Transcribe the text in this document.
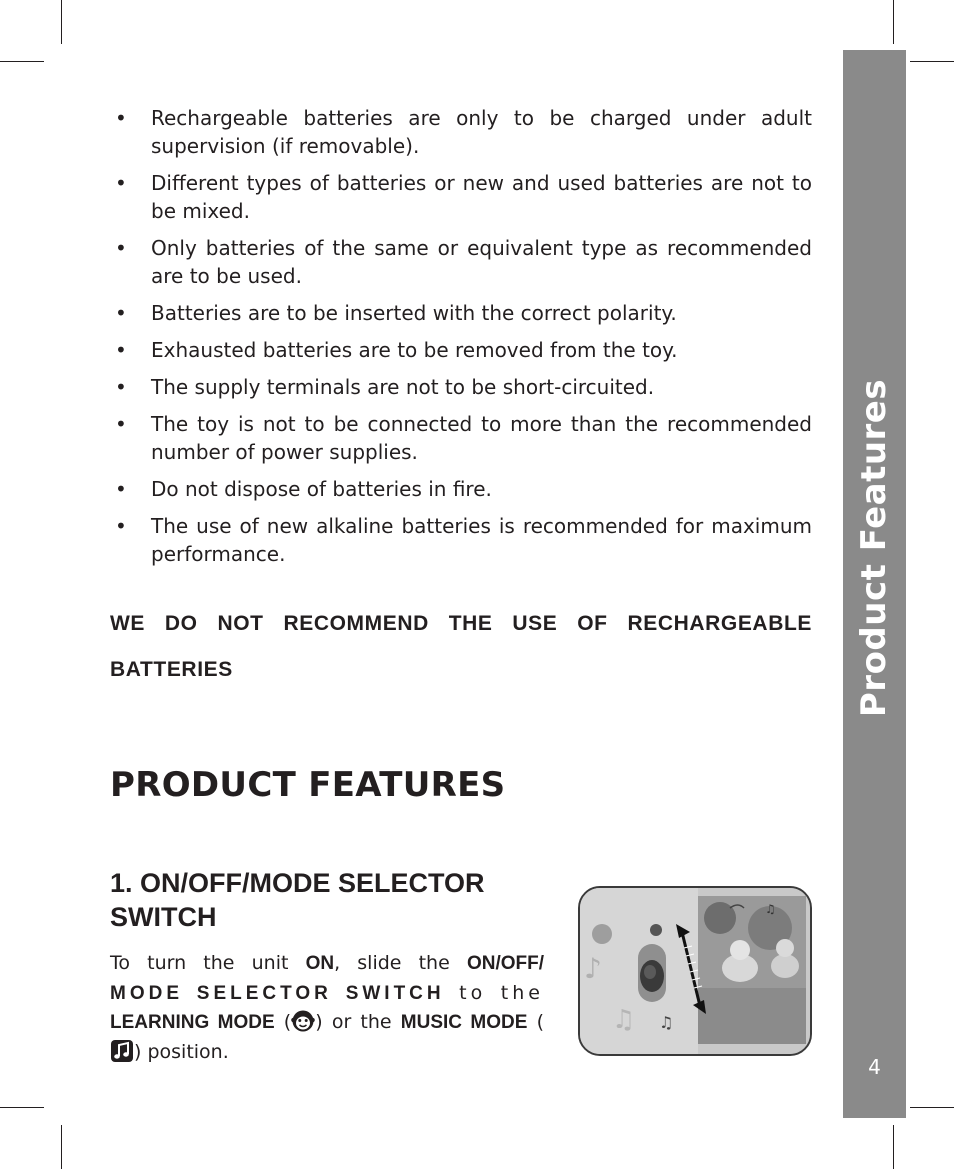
Product Features
4
• Rechargeable batteries are only to be charged under adult supervision (if removable).
• Different types of batteries or new and used batteries are not to be mixed.
• Only batteries of the same or equivalent type as recommended are to be used.
• Batteries are to be inserted with the correct polarity.
• Exhausted batteries are to be removed from the toy.
• The supply terminals are not to be short-circuited.
• The toy is not to be connected to more than the recommended number of power supplies.
• Do not dispose of batteries in fire.
• The use of new alkaline batteries is recommended for maximum performance.
WE DO NOT RECOMMEND THE USE OF RECHARGEABLE BATTERIES
PRODUCT FEATURES
1. ON/OFF/MODE SELECTOR SWITCH
To turn the unit ON, slide the ON/OFF/ MODE SELECTOR SWITCH to the LEARNING MODE ( ) or the MUSIC MODE () position.
♫
♪
♫ ♫
